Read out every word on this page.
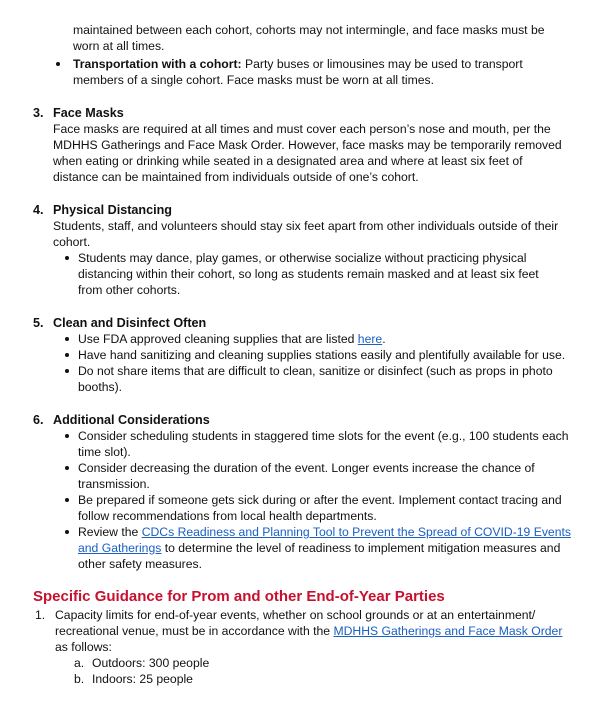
maintained between each cohort, cohorts may not intermingle, and face masks must be
worn at all times.
Transportation with a cohort: Party buses or limousines may be used to transport
members of a single cohort. Face masks must be worn at all times.
3. Face Masks
Face masks are required at all times and must cover each person’s nose and mouth, per the
MDHHS Gatherings and Face Mask Order. However, face masks may be temporarily removed
when eating or drinking while seated in a designated area and where at least six feet of
distance can be maintained from individuals outside of one’s cohort.
4. Physical Distancing
Students, staff, and volunteers should stay six feet apart from other individuals outside of their
cohort.
Students may dance, play games, or otherwise socialize without practicing physical
distancing within their cohort, so long as students remain masked and at least six feet
from other cohorts.
5. Clean and Disinfect Often
Use FDA approved cleaning supplies that are listed here.
Have hand sanitizing and cleaning supplies stations easily and plentifully available for use.
Do not share items that are difficult to clean, sanitize or disinfect (such as props in photo
booths).
6. Additional Considerations
Consider scheduling students in staggered time slots for the event (e.g., 100 students each
time slot).
Consider decreasing the duration of the event. Longer events increase the chance of
transmission.
Be prepared if someone gets sick during or after the event. Implement contact tracing and
follow recommendations from local health departments.
Review the CDCs Readiness and Planning Tool to Prevent the Spread of COVID-19 Events
and Gatherings to determine the level of readiness to implement mitigation measures and
other safety measures.
Specific Guidance for Prom and other End-of-Year Parties
1. Capacity limits for end-of-year events, whether on school grounds or at an entertainment/
recreational venue, must be in accordance with the MDHHS Gatherings and Face Mask Order
as follows:
a. Outdoors: 300 people
b. Indoors: 25 people
